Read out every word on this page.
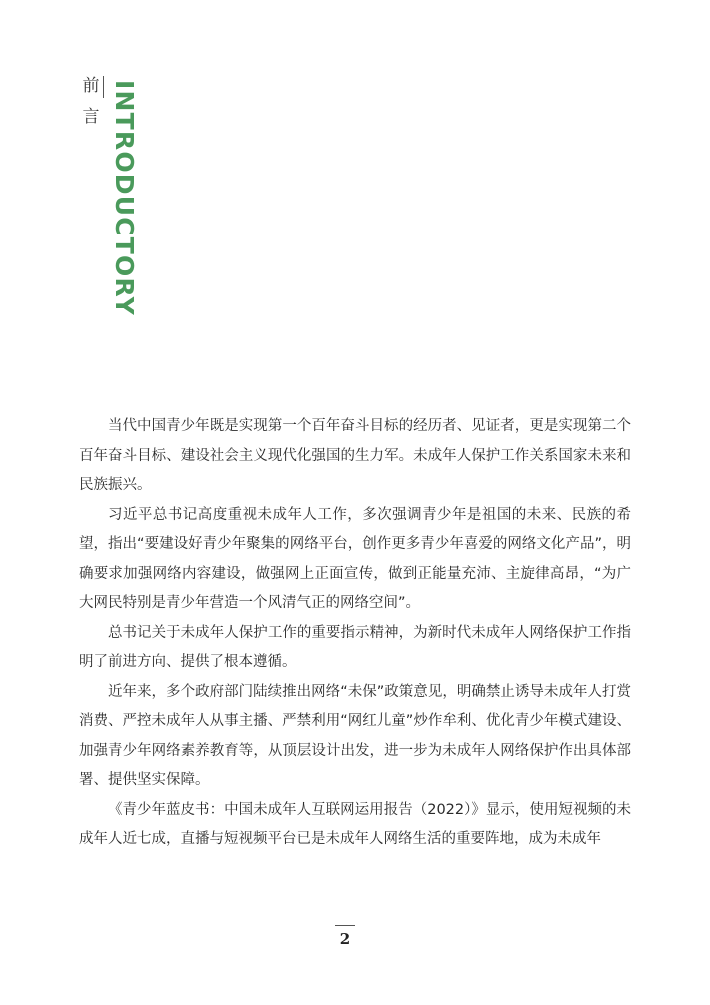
前
言 INTRODUCTORY

当代中国青少年既是实现第一个百年奋斗目标的经历者、见证者，更是实现第二个百年奋斗目标、建设社会主义现代化强国的生力军。未成年人保护工作关系国家未来和民族振兴。

习近平总书记高度重视未成年人工作，多次强调青少年是祖国的未来、民族的希望，指出“要建设好青少年聚集的网络平台，创作更多青少年喜爱的网络文化产品”，明确要求加强网络内容建设，做强网上正面宣传，做到正能量充沛、主旋律高昂，“为广大网民特别是青少年营造一个风清气正的网络空间”。

总书记关于未成年人保护工作的重要指示精神，为新时代未成年人网络保护工作指明了前进方向、提供了根本遵循。

近年来，多个政府部门陆续推出网络“未保”政策意见，明确禁止诱导未成年人打赏消费、严控未成年人从事主播、严禁利用“网红儿童”炒作牟利、优化青少年模式建设、加强青少年网络素养教育等，从顶层设计出发，进一步为未成年人网络保护作出具体部署、提供坚实保障。

《青少年蓝皮书：中国未成年人互联网运用报告（2022）》显示，使用短视频的未成年人近七成，直播与短视频平台已是未成年人网络生活的重要阵地，成为未成年

2
